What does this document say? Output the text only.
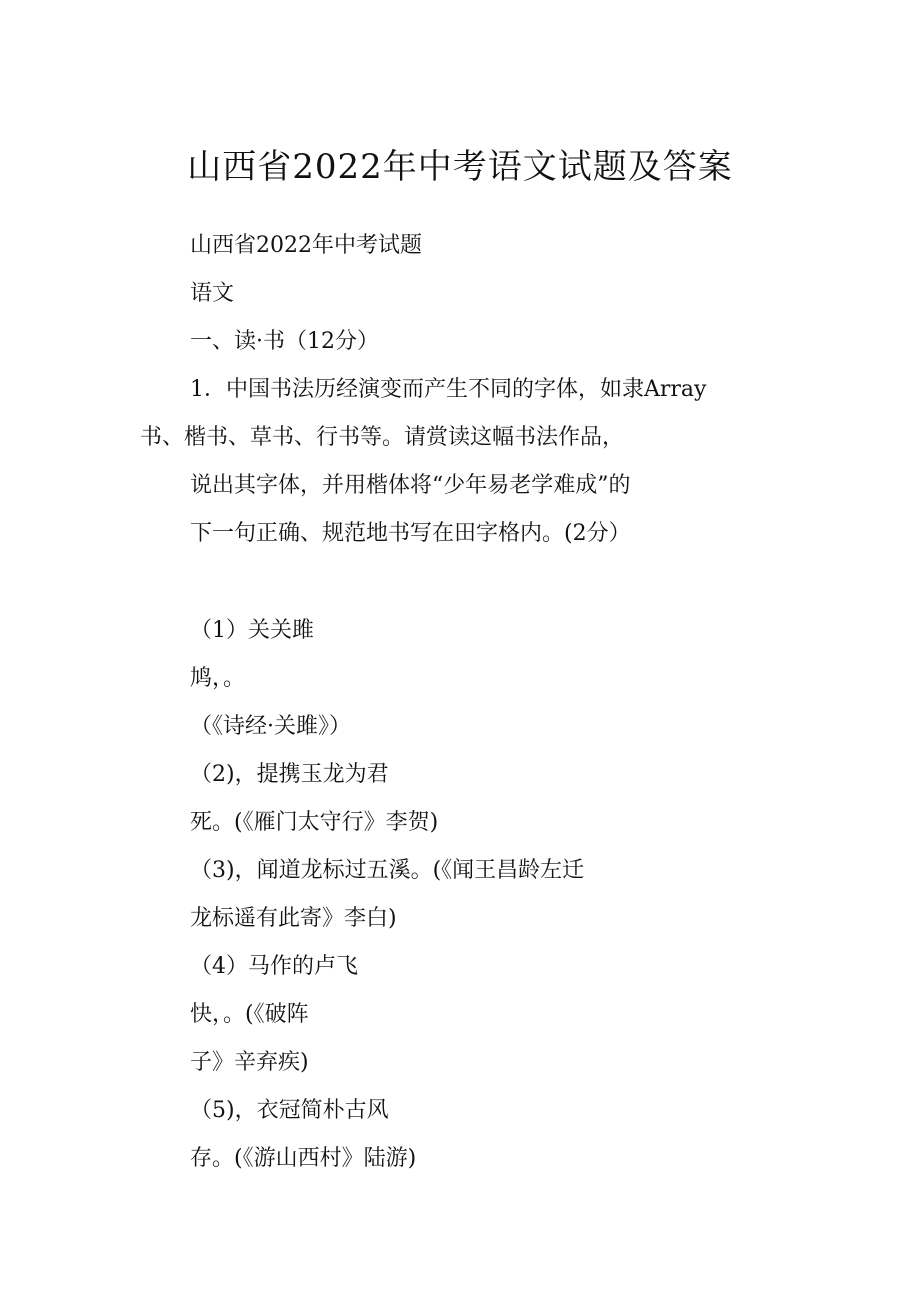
山西省2022年中考语文试题及答案

山西省2022年中考试题

语文

一、读·书（12分）

1．中国书法历经演变而产生不同的字体，如隶Array

书、楷书、草书、行书等。请赏读这幅书法作品，

说出其字体，并用楷体将“少年易老学难成”的

下一句正确、规范地书写在田字格内。(2分）

（1）关关雎

鸠，。

（《诗经·关雎》）

（2)，提携玉龙为君

死。(《雁门太守行》李贺)

（3)，闻道龙标过五溪。(《闻王昌龄左迁

龙标遥有此寄》李白)

（4）马作的卢飞

快，。(《破阵

子》辛弃疾)

（5)，衣冠简朴古风

存。(《游山西村》陆游)
